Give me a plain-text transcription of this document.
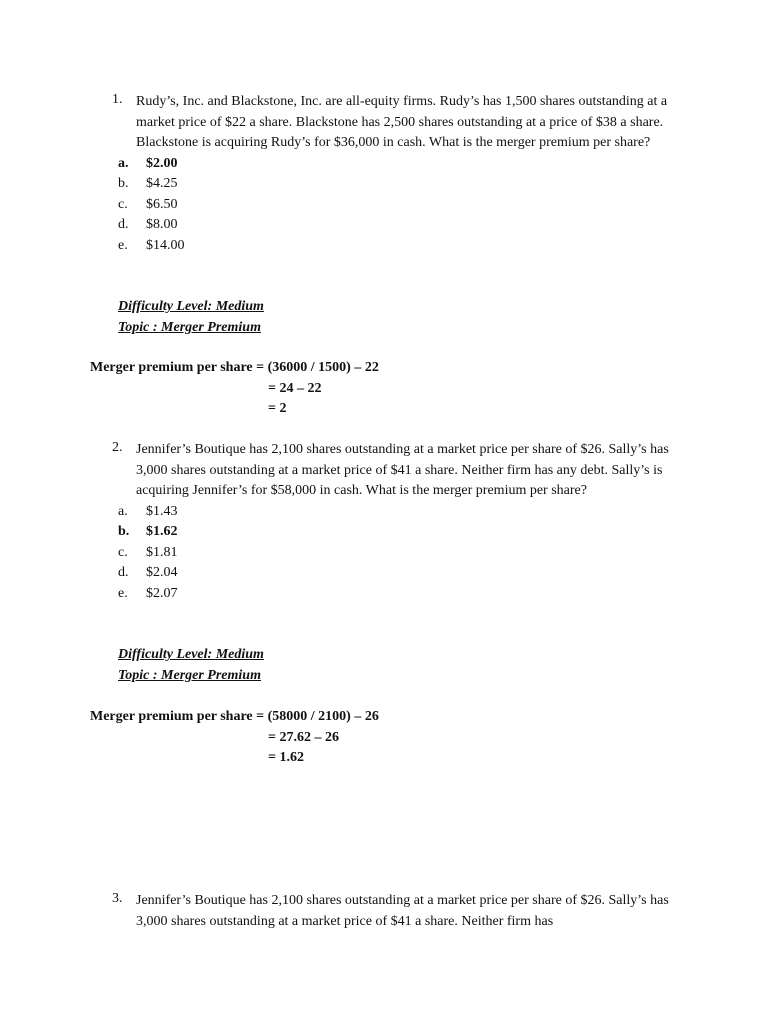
1. Rudy’s, Inc. and Blackstone, Inc. are all-equity firms. Rudy’s has 1,500 shares outstanding at a market price of $22 a share. Blackstone has 2,500 shares outstanding at a price of $38 a share. Blackstone is acquiring Rudy’s for $36,000 in cash. What is the merger premium per share?
a.	$2.00
b.	$4.25
c.	$6.50
d.	$8.00
e.	$14.00
Difficulty Level: Medium
Topic : Merger Premium
Merger premium per share = (36000 / 1500) – 22
= 24 – 22
= 2
2. Jennifer’s Boutique has 2,100 shares outstanding at a market price per share of $26. Sally’s has 3,000 shares outstanding at a market price of $41 a share. Neither firm has any debt. Sally’s is acquiring Jennifer’s for $58,000 in cash. What is the merger premium per share?
a.	$1.43
b.	$1.62
c.	$1.81
d.	$2.04
e.	$2.07
Difficulty Level: Medium
Topic : Merger Premium
Merger premium per share = (58000 / 2100) – 26
= 27.62 – 26
= 1.62
3. Jennifer’s Boutique has 2,100 shares outstanding at a market price per share of $26. Sally’s has 3,000 shares outstanding at a market price of $41 a share. Neither firm has
